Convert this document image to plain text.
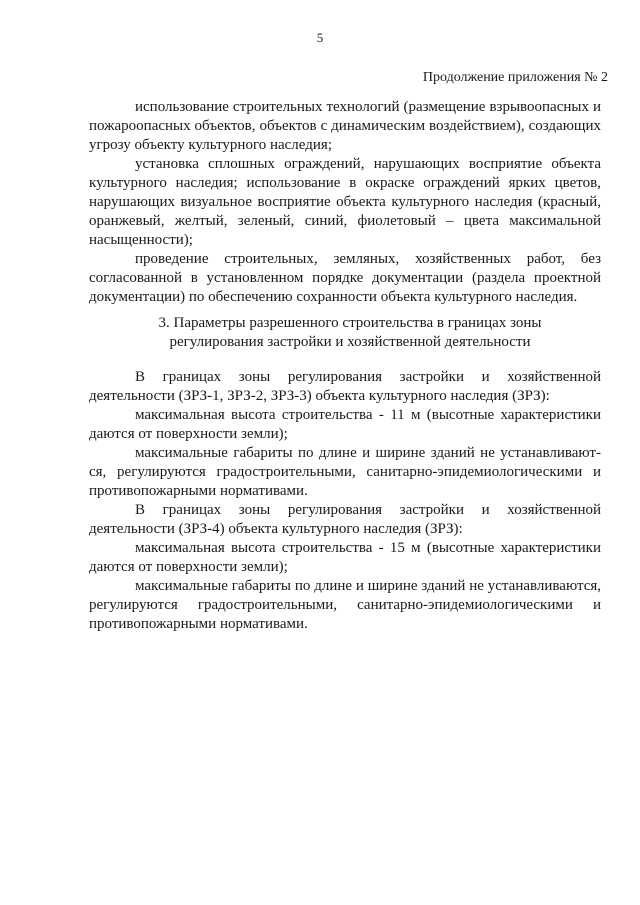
5
Продолжение приложения № 2

использование строительных технологий (размещение взрывоопасных и пожароопасных объектов, объектов с динамическим воздействием), создающих угрозу объекту культурного наследия;

установка сплошных ограждений, нарушающих восприятие объекта культурного наследия; использование в окраске ограждений ярких цветов, нарушающих визуальное восприятие объекта культурного наследия (красный, оранжевый, желтый, зеленый, синий, фиолетовый – цвета максимальной насыщенности);

проведение строительных, земляных, хозяйственных работ, без согласованной в установленном порядке документации (раздела проектной документации) по обеспечению сохранности объекта культурного наследия.

3. Параметры разрешенного строительства в границах зоны регулирования застройки и хозяйственной деятельности

В границах зоны регулирования застройки и хозяйственной деятельности (ЗРЗ-1, ЗРЗ-2, ЗРЗ-3) объекта культурного наследия (ЗРЗ):

максимальная высота строительства - 11 м (высотные характеристики даются от поверхности земли);

максимальные габариты по длине и ширине зданий не устанавливают-ся, регулируются градостроительными, санитарно-эпидемиологическими и противопожарными нормативами.

В границах зоны регулирования застройки и хозяйственной деятельности (ЗРЗ-4) объекта культурного наследия (ЗРЗ):

максимальная высота строительства - 15 м (высотные характеристики даются от поверхности земли);

максимальные габариты по длине и ширине зданий не устанавливаются, регулируются градостроительными, санитарно-эпидемиологическими и противопожарными нормативами.
